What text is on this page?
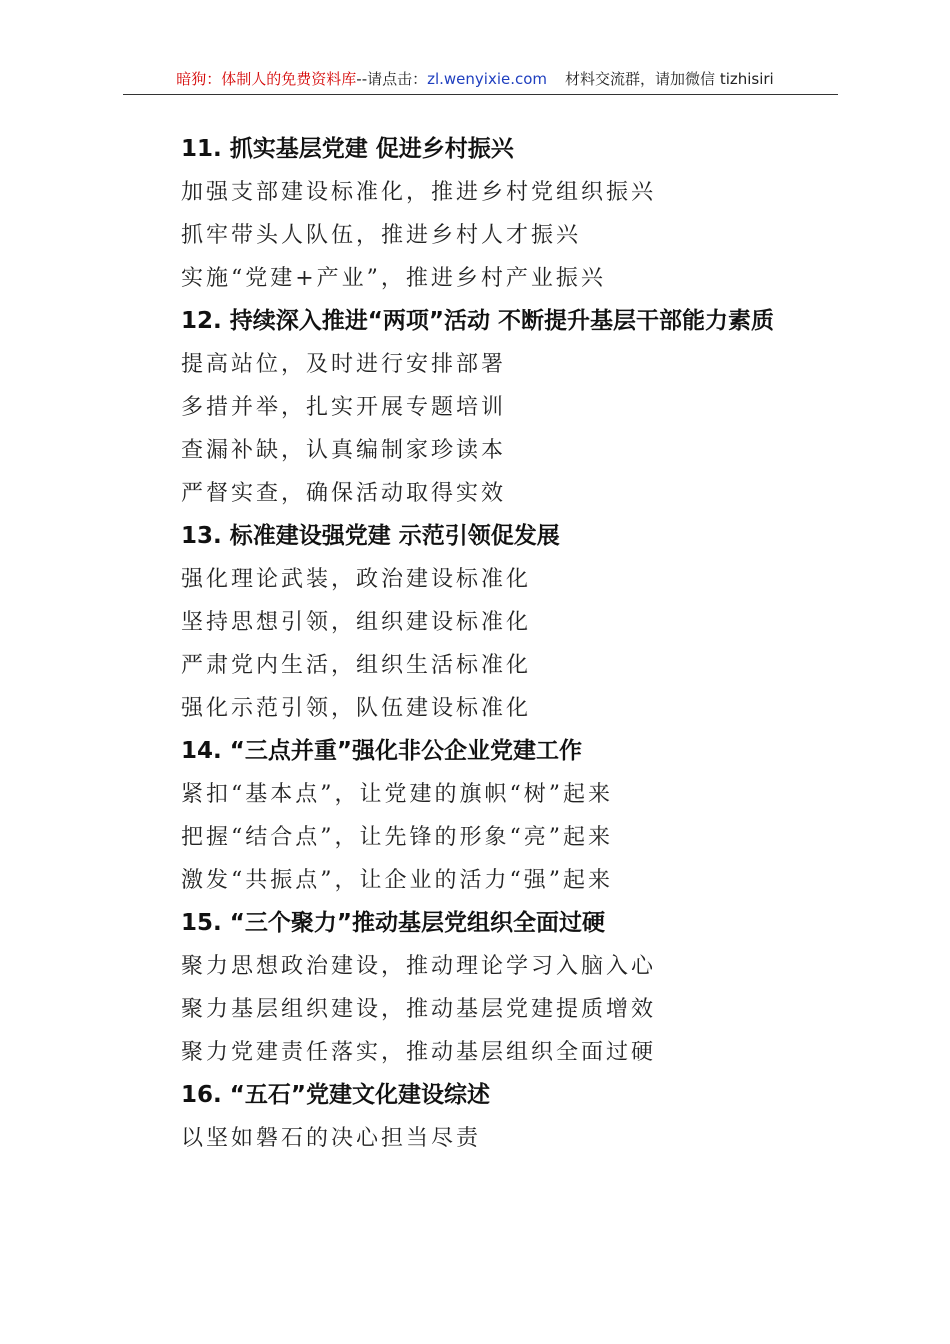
暗狗：体制人的免费资料库--请点击：zl.wenyixie.com 材料交流群，请加微信 tizhisiri

11. 抓实基层党建 促进乡村振兴

加强支部建设标准化，推进乡村党组织振兴

抓牢带头人队伍，推进乡村人才振兴

实施“党建+产业”，推进乡村产业振兴

12. 持续深入推进“两项”活动 不断提升基层干部能力素质

提高站位，及时进行安排部署

多措并举，扎实开展专题培训

查漏补缺，认真编制家珍读本

严督实查，确保活动取得实效

13. 标准建设强党建 示范引领促发展

强化理论武装，政治建设标准化

坚持思想引领，组织建设标准化

严肃党内生活，组织生活标准化

强化示范引领，队伍建设标准化

14. “三点并重”强化非公企业党建工作

紧扣“基本点”，让党建的旗帜“树”起来

把握“结合点”，让先锋的形象“亮”起来

激发“共振点”，让企业的活力“强”起来

15. “三个聚力”推动基层党组织全面过硬

聚力思想政治建设，推动理论学习入脑入心

聚力基层组织建设，推动基层党建提质增效

聚力党建责任落实，推动基层组织全面过硬

16. “五石”党建文化建设综述

以坚如磐石的决心担当尽责
